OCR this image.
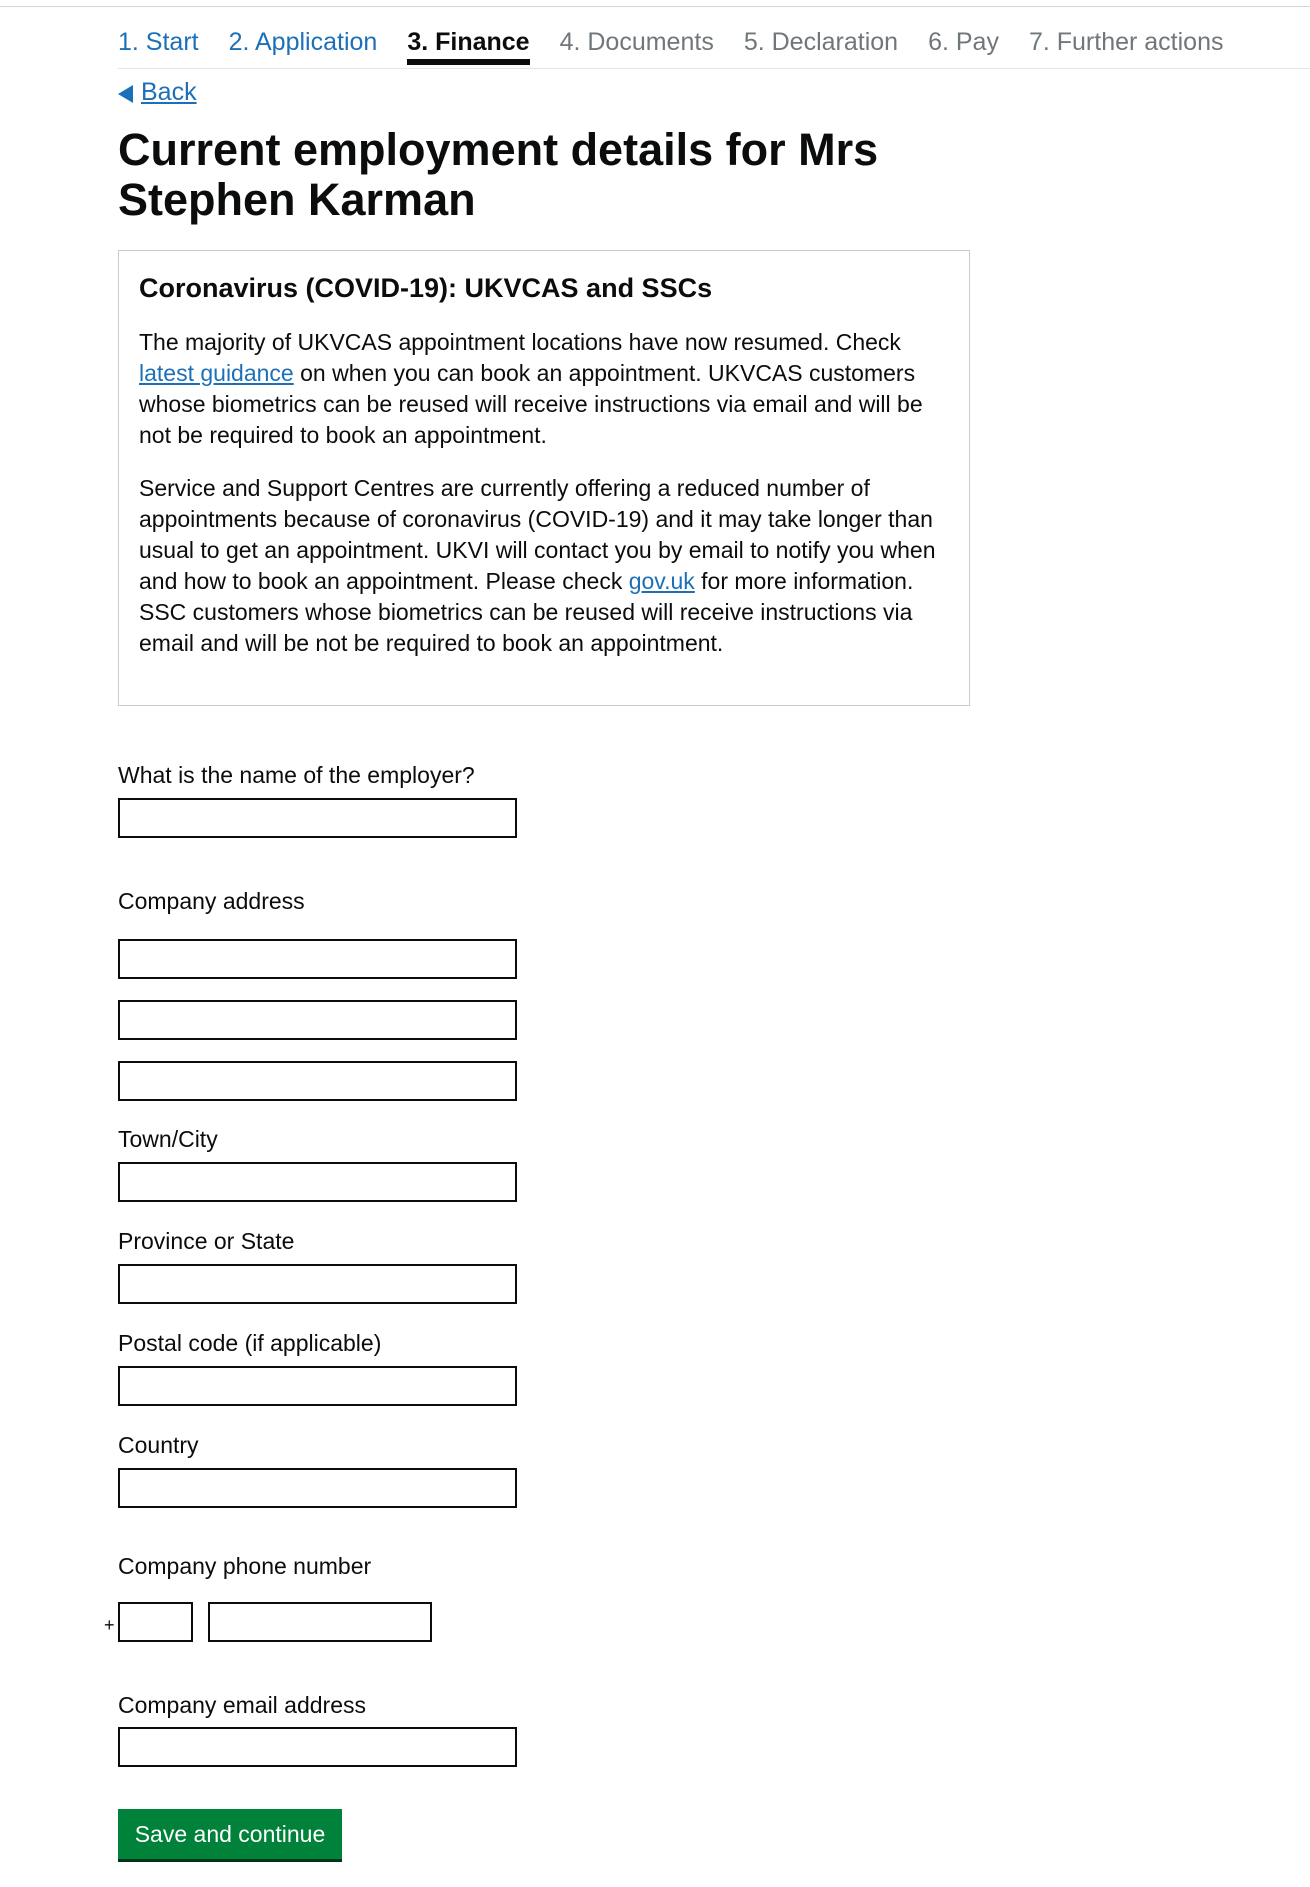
1. Start 2. Application 3. Finance 4. Documents 5. Declaration 6. Pay 7. Further actions
Back
Current employment details for Mrs Stephen Karman
Coronavirus (COVID-19): UKVCAS and SSCs

The majority of UKVCAS appointment locations have now resumed. Check latest guidance on when you can book an appointment. UKVCAS customers whose biometrics can be reused will receive instructions via email and will be not be required to book an appointment.

Service and Support Centres are currently offering a reduced number of appointments because of coronavirus (COVID-19) and it may take longer than usual to get an appointment. UKVI will contact you by email to notify you when and how to book an appointment. Please check gov.uk for more information. SSC customers whose biometrics can be reused will receive instructions via email and will be not be required to book an appointment.

What is the name of the employer?
Company address
Town/City
Province or State
Postal code (if applicable)
Country
Company phone number
+
Company email address
Save and continue
